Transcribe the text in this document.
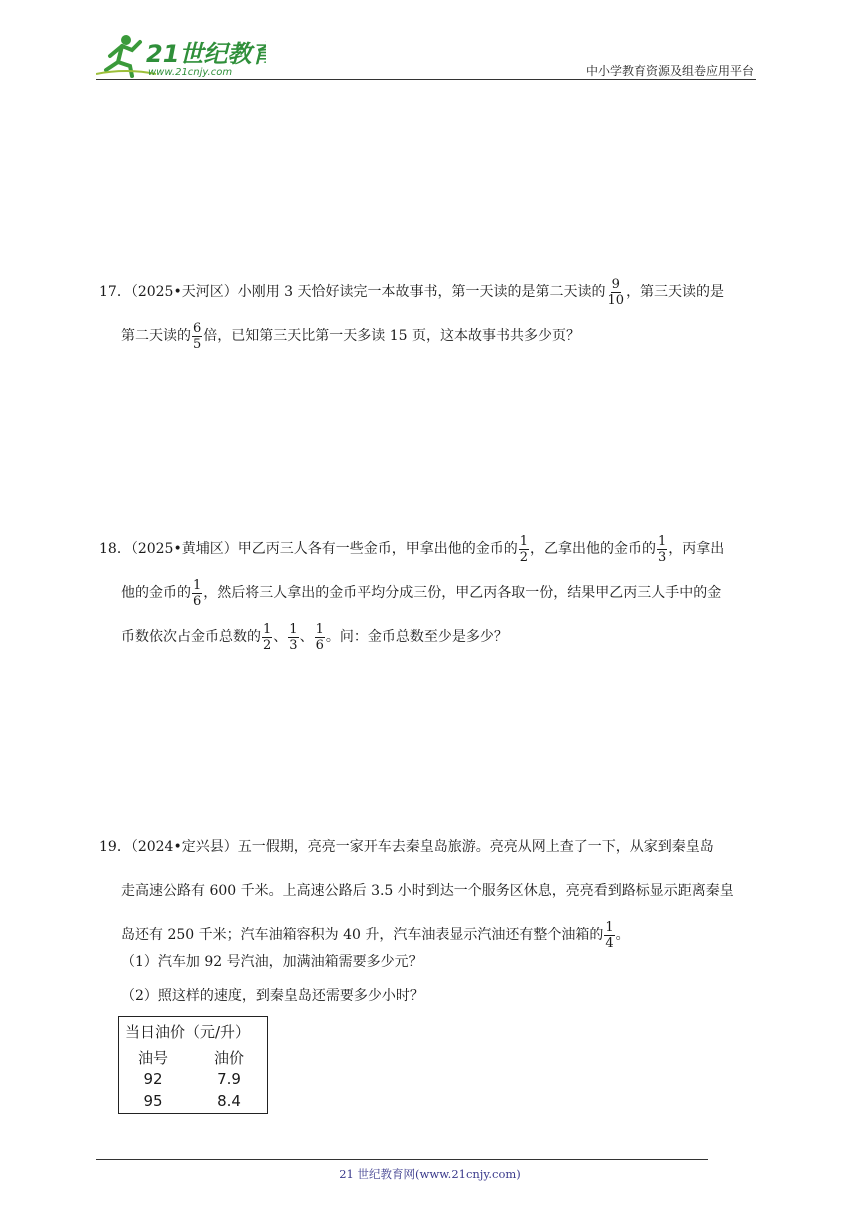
21世纪教育
www.21cnjy.com	中小学教育资源及组卷应用平台
17．（2025•天河区）小刚用 3 天恰好读完一本故事书，第一天读的是第二天读的 $\frac{9}{10}$ ，第三天读的是
第二天读的 $\frac{6}{5}$ 倍，已知第三天比第一天多读 15 页，这本故事书共多少页？
18．（2025•黄埔区）甲乙丙三人各有一些金币，甲拿出他的金币的 $\frac{1}{2}$ ，乙拿出他的金币的 $\frac{1}{3}$ ，丙拿出
他的金币的 $\frac{1}{6}$ ，然后将三人拿出的金币平均分成三份，甲乙丙各取一份，结果甲乙丙三人手中的金
币数依次占金币总数的 $\frac{1}{2}$ 、 $\frac{1}{3}$ 、 $\frac{1}{6}$ 。问：金币总数至少是多少？
19．（2024•定兴县）五一假期，亮亮一家开车去秦皇岛旅游。亮亮从网上查了一下，从家到秦皇岛
走高速公路有 600 千米。上高速公路后 3.5 小时到达一个服务区休息，亮亮看到路标显示距离秦皇
岛还有 250 千米；汽车油箱容积为 40 升，汽车油表显示汽油还有整个油箱的 $\frac{1}{4}$ 。
（1）汽车加 92 号汽油，加满油箱需要多少元？
（2）照这样的速度，到秦皇岛还需要多少小时？
当日油价（元/升）
油号	油价
92	7.9
95	8.4
21 世纪教育网(www.21cnjy.com)
